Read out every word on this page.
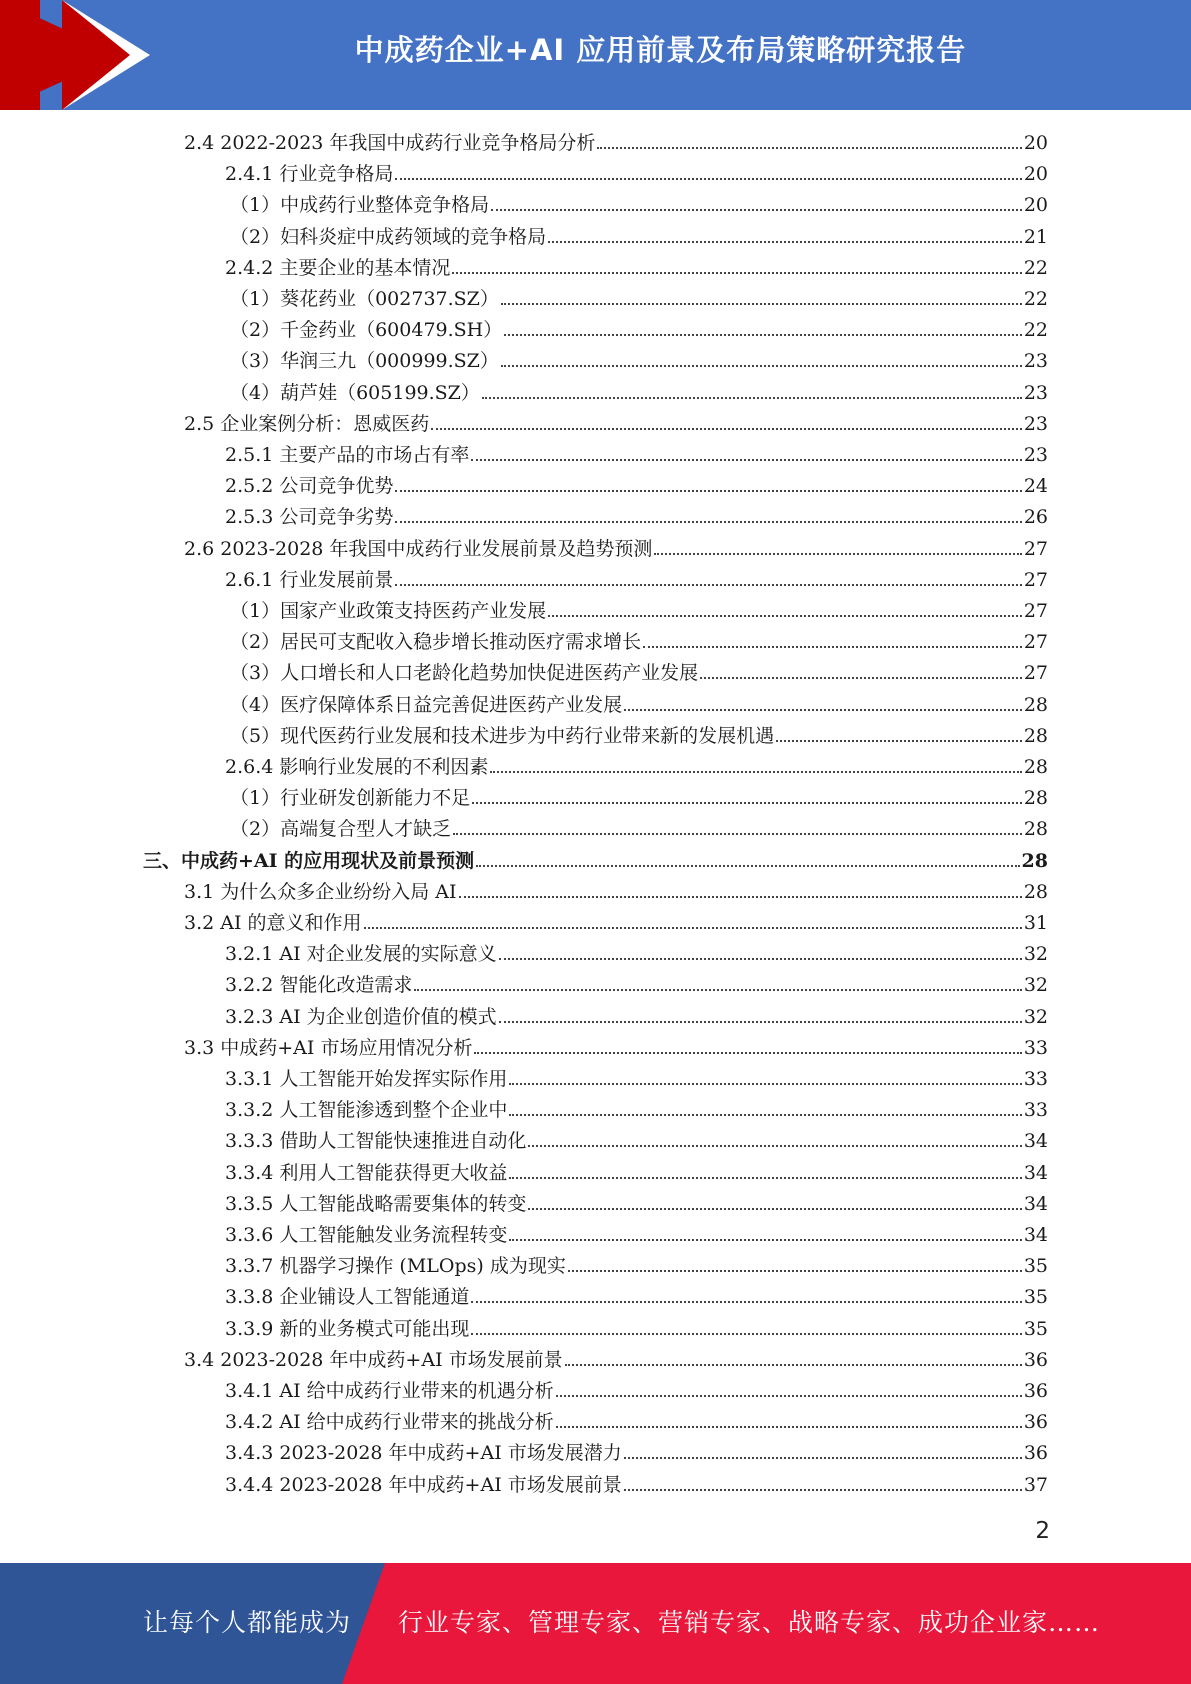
中成药企业+AI 应用前景及布局策略研究报告
2.4 2022-2023 年我国中成药行业竞争格局分析	20
2.4.1 行业竞争格局	20
（1）中成药行业整体竞争格局	20
（2）妇科炎症中成药领域的竞争格局	21
2.4.2 主要企业的基本情况	22
（1）葵花药业（002737.SZ）	22
（2）千金药业（600479.SH）	22
（3）华润三九（000999.SZ）	23
（4）葫芦娃（605199.SZ）	23
2.5 企业案例分析：恩威医药	23
2.5.1 主要产品的市场占有率	23
2.5.2 公司竞争优势	24
2.5.3 公司竞争劣势	26
2.6 2023-2028 年我国中成药行业发展前景及趋势预测	27
2.6.1 行业发展前景	27
（1）国家产业政策支持医药产业发展	27
（2）居民可支配收入稳步增长推动医疗需求增长	27
（3）人口增长和人口老龄化趋势加快促进医药产业发展	27
（4）医疗保障体系日益完善促进医药产业发展	28
（5）现代医药行业发展和技术进步为中药行业带来新的发展机遇	28
2.6.4 影响行业发展的不利因素	28
（1）行业研发创新能力不足	28
（2）高端复合型人才缺乏	28
三、中成药+AI 的应用现状及前景预测	28
3.1 为什么众多企业纷纷入局 AI	28
3.2 AI 的意义和作用	31
3.2.1 AI 对企业发展的实际意义	32
3.2.2 智能化改造需求	32
3.2.3 AI 为企业创造价值的模式	32
3.3 中成药+AI 市场应用情况分析	33
3.3.1 人工智能开始发挥实际作用	33
3.3.2 人工智能渗透到整个企业中	33
3.3.3 借助人工智能快速推进自动化	34
3.3.4 利用人工智能获得更大收益	34
3.3.5 人工智能战略需要集体的转变	34
3.3.6 人工智能触发业务流程转变	34
3.3.7 机器学习操作 (MLOps) 成为现实	35
3.3.8 企业铺设人工智能通道	35
3.3.9 新的业务模式可能出现	35
3.4 2023-2028 年中成药+AI 市场发展前景	36
3.4.1 AI 给中成药行业带来的机遇分析	36
3.4.2 AI 给中成药行业带来的挑战分析	36
3.4.3 2023-2028 年中成药+AI 市场发展潜力	36
3.4.4 2023-2028 年中成药+AI 市场发展前景	37
2
让每个人都能成为 行业专家、管理专家、营销专家、战略专家、成功企业家……
